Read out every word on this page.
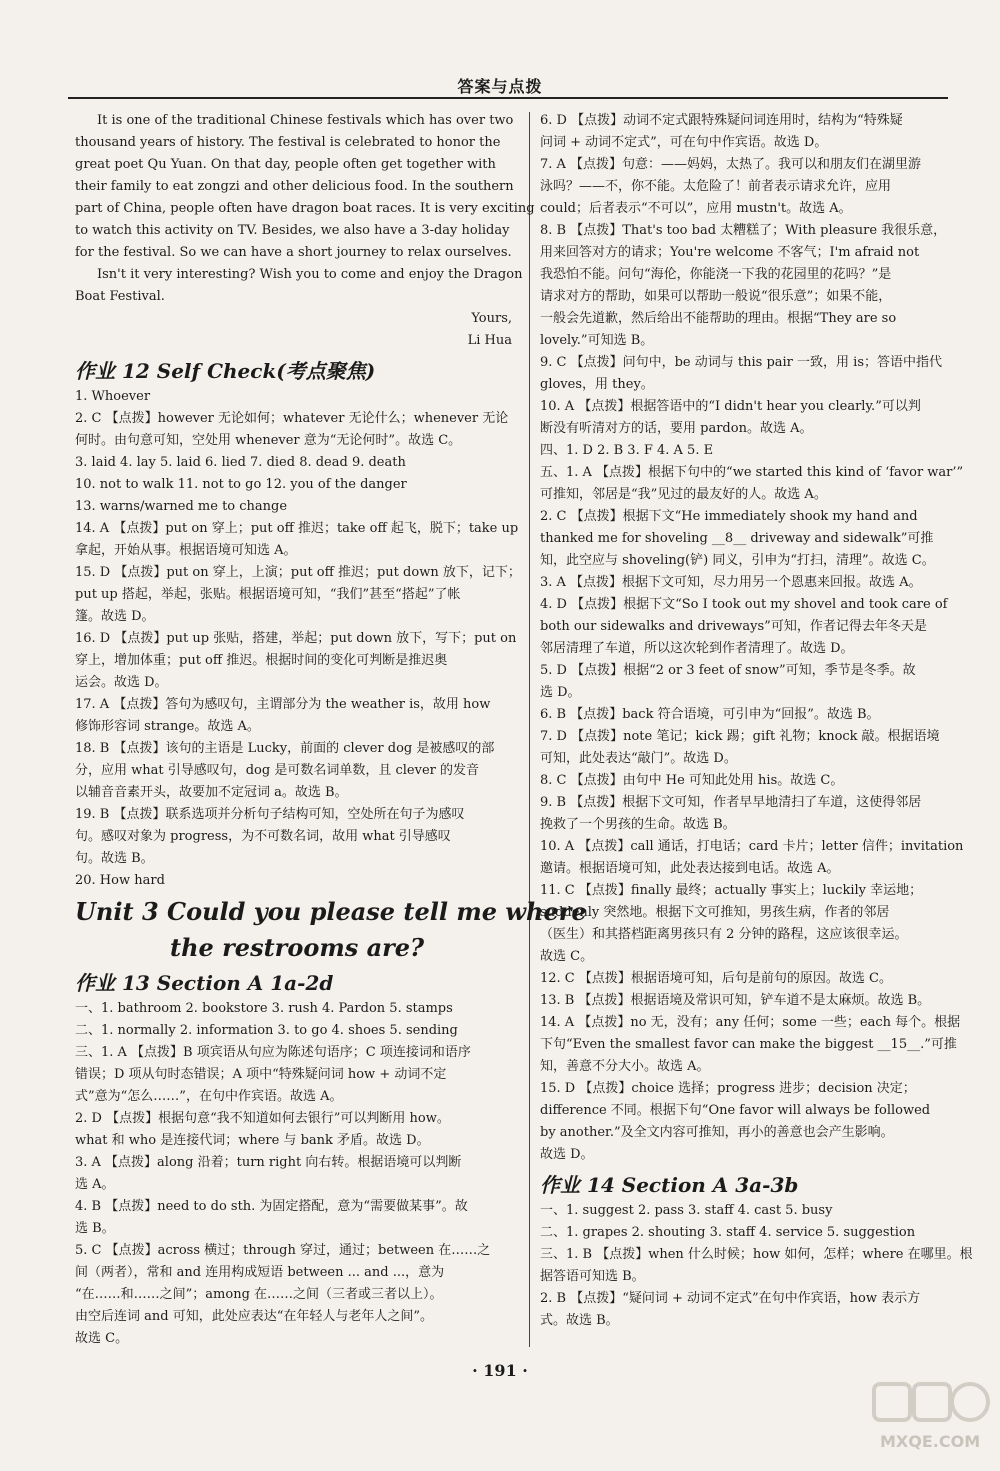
答案与点拨
It is one of the traditional Chinese festivals which has over two
thousand years of history. The festival is celebrated to honor the
great poet Qu Yuan. On that day, people often get together with
their family to eat zongzi and other delicious food. In the southern
part of China, people often have dragon boat races. It is very exciting
to watch this activity on TV. Besides, we also have a 3-day holiday
for the festival. So we can have a short journey to relax ourselves.
Isn't it very interesting? Wish you to come and enjoy the Dragon
Boat Festival.
Yours,
Li Hua
作业 12 Self Check(考点聚焦)
1. Whoever
2. C 【点拨】however 无论如何；whatever 无论什么；whenever 无论
何时。由句意可知，空处用 whenever 意为“无论何时”。故选 C。
3. laid 4. lay 5. laid 6. lied 7. died 8. dead 9. death
10. not to walk 11. not to go 12. you of the danger
13. warns/warned me to change
14. A 【点拨】put on 穿上；put off 推迟；take off 起飞，脱下；take up
拿起，开始从事。根据语境可知选 A。
15. D 【点拨】put on 穿上，上演；put off 推迟；put down 放下，记下；
put up 搭起，举起，张贴。根据语境可知，“我们”甚至“搭起”了帐
篷。故选 D。
16. D 【点拨】put up 张贴，搭建，举起；put down 放下，写下；put on
穿上，增加体重；put off 推迟。根据时间的变化可判断是推迟奥
运会。故选 D。
17. A 【点拨】答句为感叹句，主谓部分为 the weather is，故用 how
修饰形容词 strange。故选 A。
18. B 【点拨】该句的主语是 Lucky，前面的 clever dog 是被感叹的部
分，应用 what 引导感叹句，dog 是可数名词单数，且 clever 的发音
以辅音音素开头，故要加不定冠词 a。故选 B。
19. B 【点拨】联系选项并分析句子结构可知，空处所在句子为感叹
句。感叹对象为 progress，为不可数名词，故用 what 引导感叹
句。故选 B。
20. How hard
Unit 3 Could you please tell me where
the restrooms are?
作业 13 Section A 1a-2d
一、1. bathroom 2. bookstore 3. rush 4. Pardon 5. stamps
二、1. normally 2. information 3. to go 4. shoes 5. sending
三、1. A 【点拨】B 项宾语从句应为陈述句语序；C 项连接词和语序
错误；D 项从句时态错误；A 项中“特殊疑问词 how + 动词不定
式”意为“怎么……”，在句中作宾语。故选 A。
2. D 【点拨】根据句意“我不知道如何去银行”可以判断用 how。
what 和 who 是连接代词；where 与 bank 矛盾。故选 D。
3. A 【点拨】along 沿着；turn right 向右转。根据语境可以判断
选 A。
4. B 【点拨】need to do sth. 为固定搭配，意为“需要做某事”。故
选 B。
5. C 【点拨】across 横过；through 穿过，通过；between 在……之
间（两者），常和 and 连用构成短语 between ... and ...，意为
“在……和……之间”；among 在……之间（三者或三者以上）。
由空后连词 and 可知，此处应表达“在年轻人与老年人之间”。
故选 C。
6. D 【点拨】动词不定式跟特殊疑问词连用时，结构为“特殊疑
问词 + 动词不定式”，可在句中作宾语。故选 D。
7. A 【点拨】句意：——妈妈，太热了。我可以和朋友们在湖里游
泳吗？——不，你不能。太危险了！前者表示请求允许，应用
could；后者表示“不可以”，应用 mustn't。故选 A。
8. B 【点拨】That's too bad 太糟糕了；With pleasure 我很乐意，
用来回答对方的请求；You're welcome 不客气；I'm afraid not
我恐怕不能。问句“海伦，你能浇一下我的花园里的花吗？”是
请求对方的帮助，如果可以帮助一般说“很乐意”；如果不能，
一般会先道歉，然后给出不能帮助的理由。根据“They are so
lovely.”可知选 B。
9. C 【点拨】问句中，be 动词与 this pair 一致，用 is；答语中指代
gloves，用 they。
10. A 【点拨】根据答语中的“I didn't hear you clearly.”可以判
断没有听清对方的话，要用 pardon。故选 A。
四、1. D 2. B 3. F 4. A 5. E
五、1. A 【点拨】根据下句中的“we started this kind of ‘favor war’”
可推知，邻居是“我”见过的最友好的人。故选 A。
2. C 【点拨】根据下文“He immediately shook my hand and
thanked me for shoveling __8__ driveway and sidewalk”可推
知，此空应与 shoveling(铲) 同义，引申为“打扫，清理”。故选 C。
3. A 【点拨】根据下文可知，尽力用另一个恩惠来回报。故选 A。
4. D 【点拨】根据下文“So I took out my shovel and took care of
both our sidewalks and driveways”可知，作者记得去年冬天是
邻居清理了车道，所以这次轮到作者清理了。故选 D。
5. D 【点拨】根据“2 or 3 feet of snow”可知，季节是冬季。故
选 D。
6. B 【点拨】back 符合语境，可引申为“回报”。故选 B。
7. D 【点拨】note 笔记；kick 踢；gift 礼物；knock 敲。根据语境
可知，此处表达“敲门”。故选 D。
8. C 【点拨】由句中 He 可知此处用 his。故选 C。
9. B 【点拨】根据下文可知，作者早早地清扫了车道，这使得邻居
挽救了一个男孩的生命。故选 B。
10. A 【点拨】call 通话，打电话；card 卡片；letter 信件；invitation
邀请。根据语境可知，此处表达接到电话。故选 A。
11. C 【点拨】finally 最终；actually 事实上；luckily 幸运地；
suddenly 突然地。根据下文可推知，男孩生病，作者的邻居
（医生）和其搭档距离男孩只有 2 分钟的路程，这应该很幸运。
故选 C。
12. C 【点拨】根据语境可知，后句是前句的原因。故选 C。
13. B 【点拨】根据语境及常识可知，铲车道不是太麻烦。故选 B。
14. A 【点拨】no 无，没有；any 任何；some 一些；each 每个。根据
下句“Even the smallest favor can make the biggest __15__.”可推
知，善意不分大小。故选 A。
15. D 【点拨】choice 选择；progress 进步；decision 决定；
difference 不同。根据下句“One favor will always be followed
by another.”及全文内容可推知，再小的善意也会产生影响。
故选 D。
作业 14 Section A 3a-3b
一、1. suggest 2. pass 3. staff 4. cast 5. busy
二、1. grapes 2. shouting 3. staff 4. service 5. suggestion
三、1. B 【点拨】when 什么时候；how 如何，怎样；where 在哪里。根
据答语可知选 B。
2. B 【点拨】“疑问词 + 动词不定式”在句中作宾语，how 表示方
式。故选 B。
· 191 ·
MXQE.COM
